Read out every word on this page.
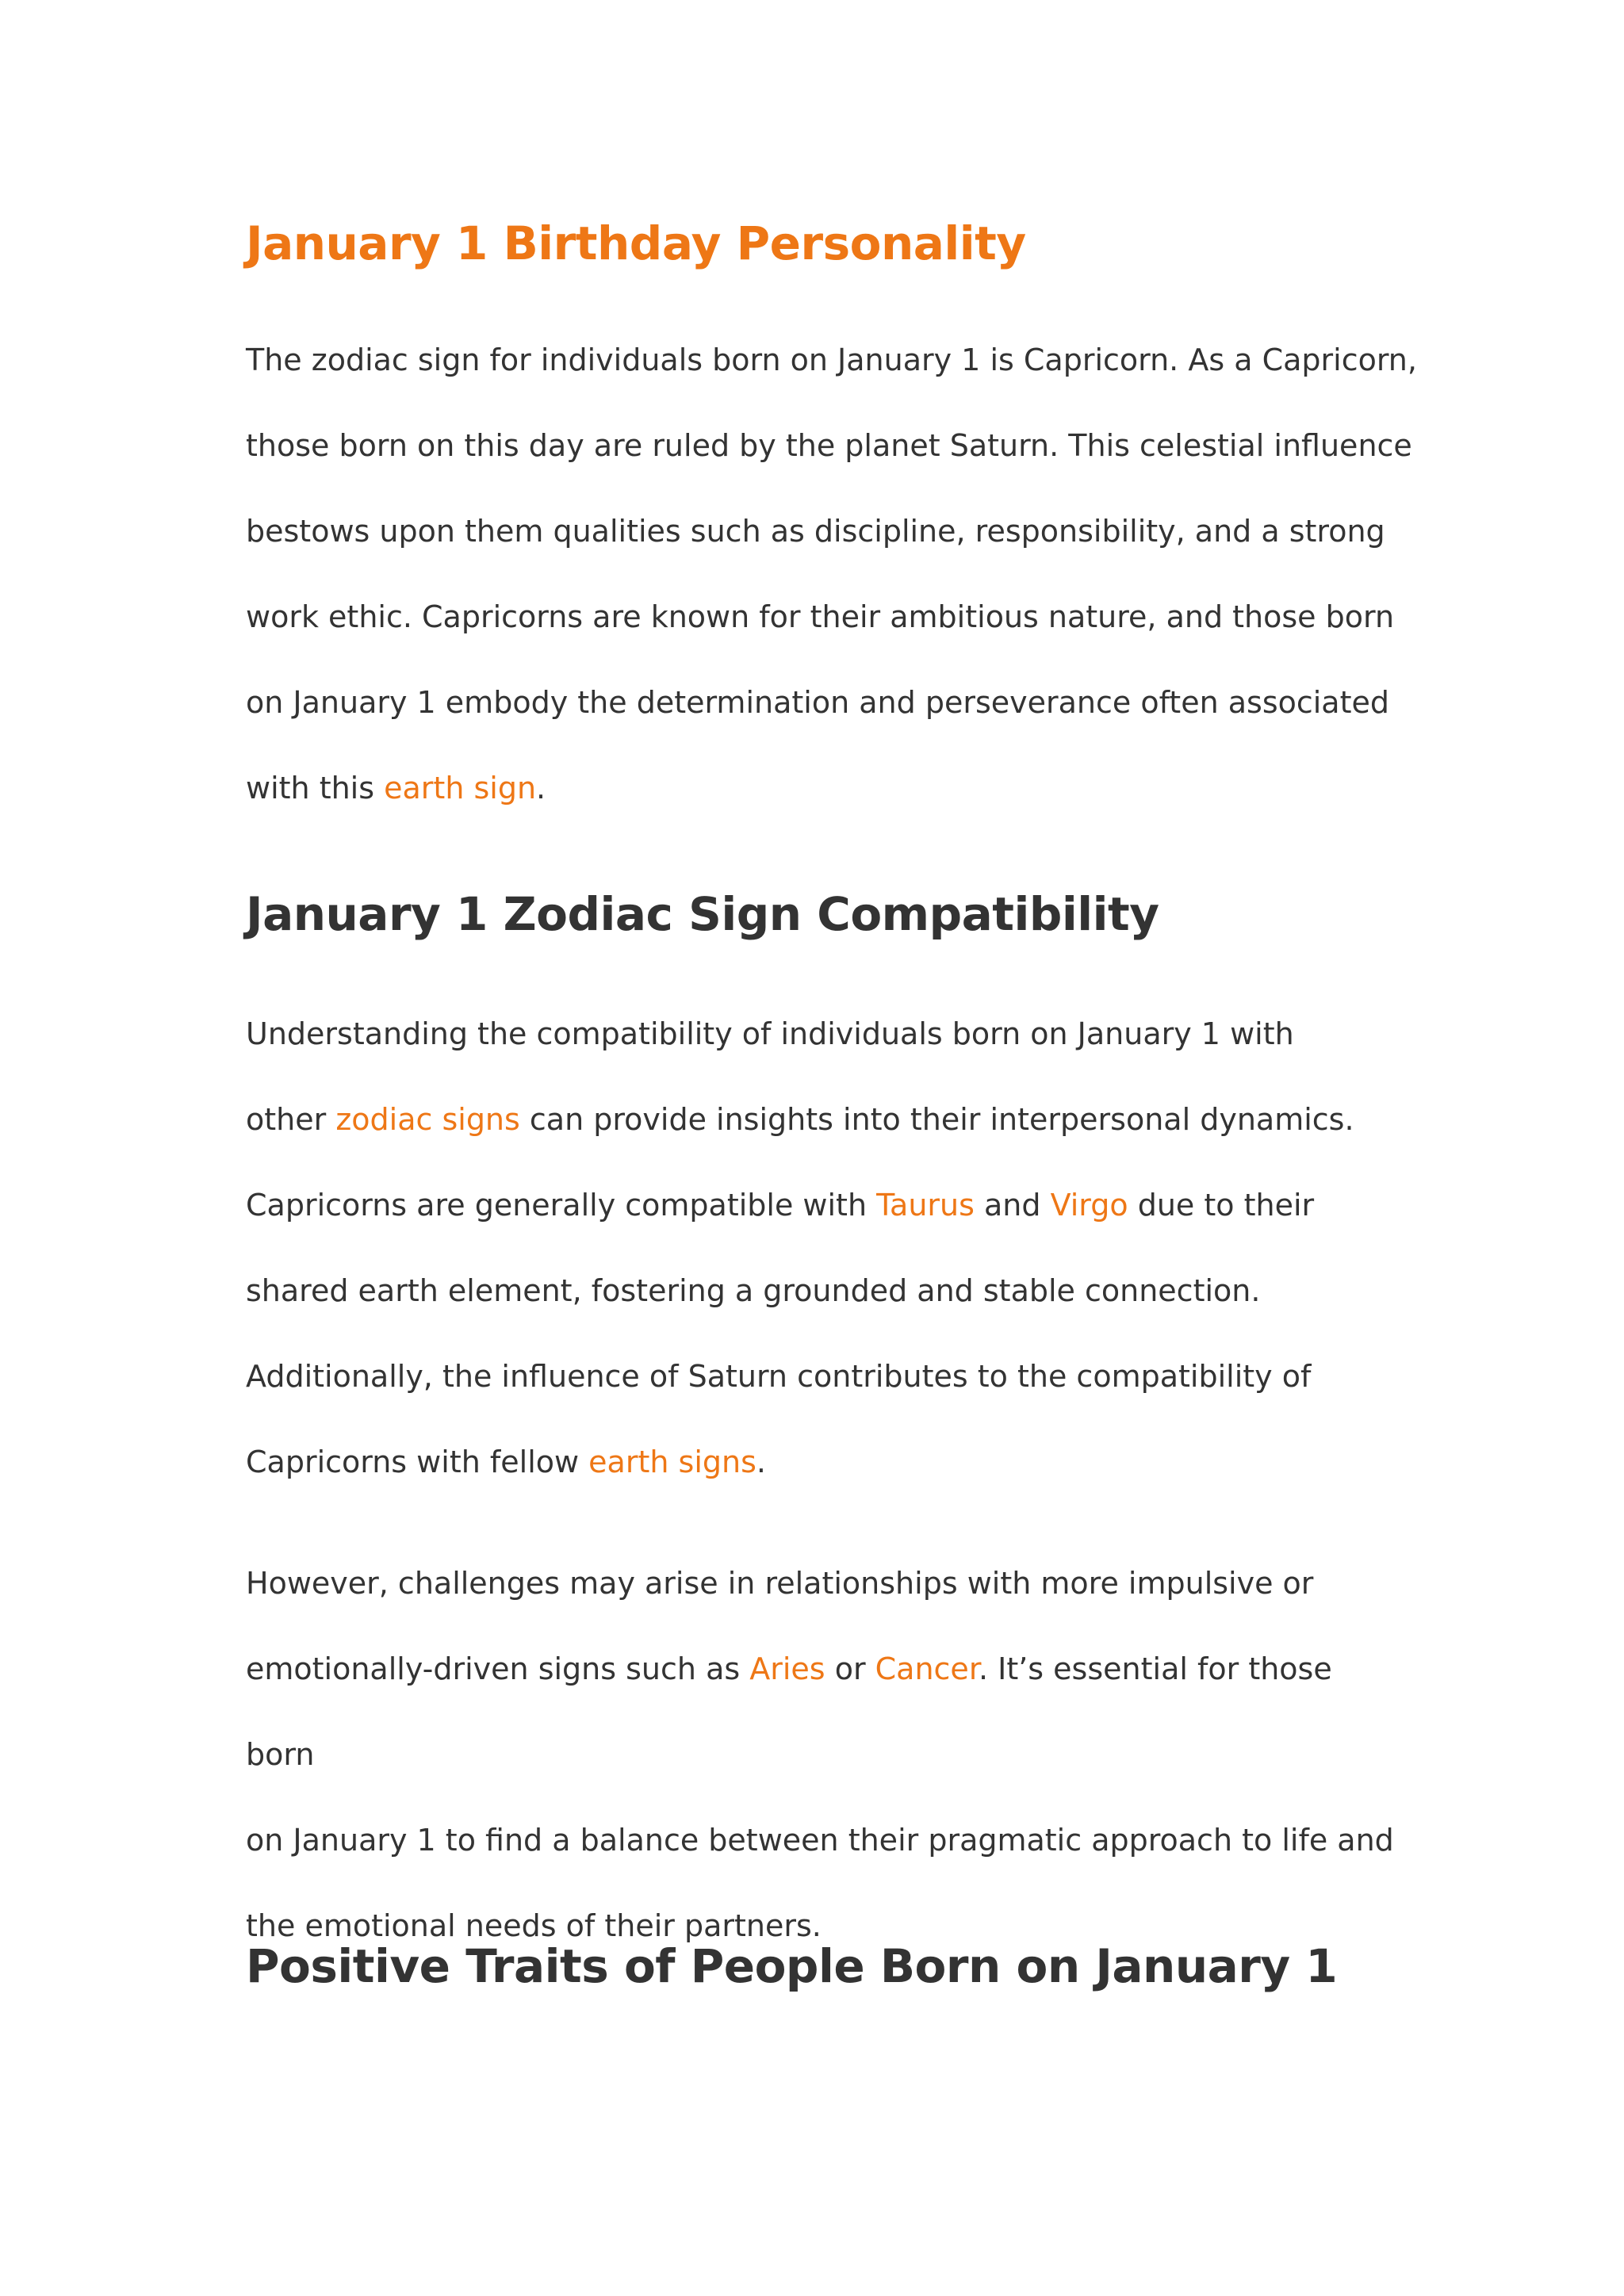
January 1 Birthday Personality

The zodiac sign for individuals born on January 1 is Capricorn. As a Capricorn,
those born on this day are ruled by the planet Saturn. This celestial influence
bestows upon them qualities such as discipline, responsibility, and a strong
work ethic. Capricorns are known for their ambitious nature, and those born
on January 1 embody the determination and perseverance often associated
with this earth sign.

January 1 Zodiac Sign Compatibility

Understanding the compatibility of individuals born on January 1 with
other zodiac signs can provide insights into their interpersonal dynamics.
Capricorns are generally compatible with Taurus and Virgo due to their
shared earth element, fostering a grounded and stable connection.
Additionally, the influence of Saturn contributes to the compatibility of
Capricorns with fellow earth signs.

However, challenges may arise in relationships with more impulsive or
emotionally-driven signs such as Aries or Cancer. It’s essential for those born
on January 1 to find a balance between their pragmatic approach to life and
the emotional needs of their partners.

Positive Traits of People Born on January 1
